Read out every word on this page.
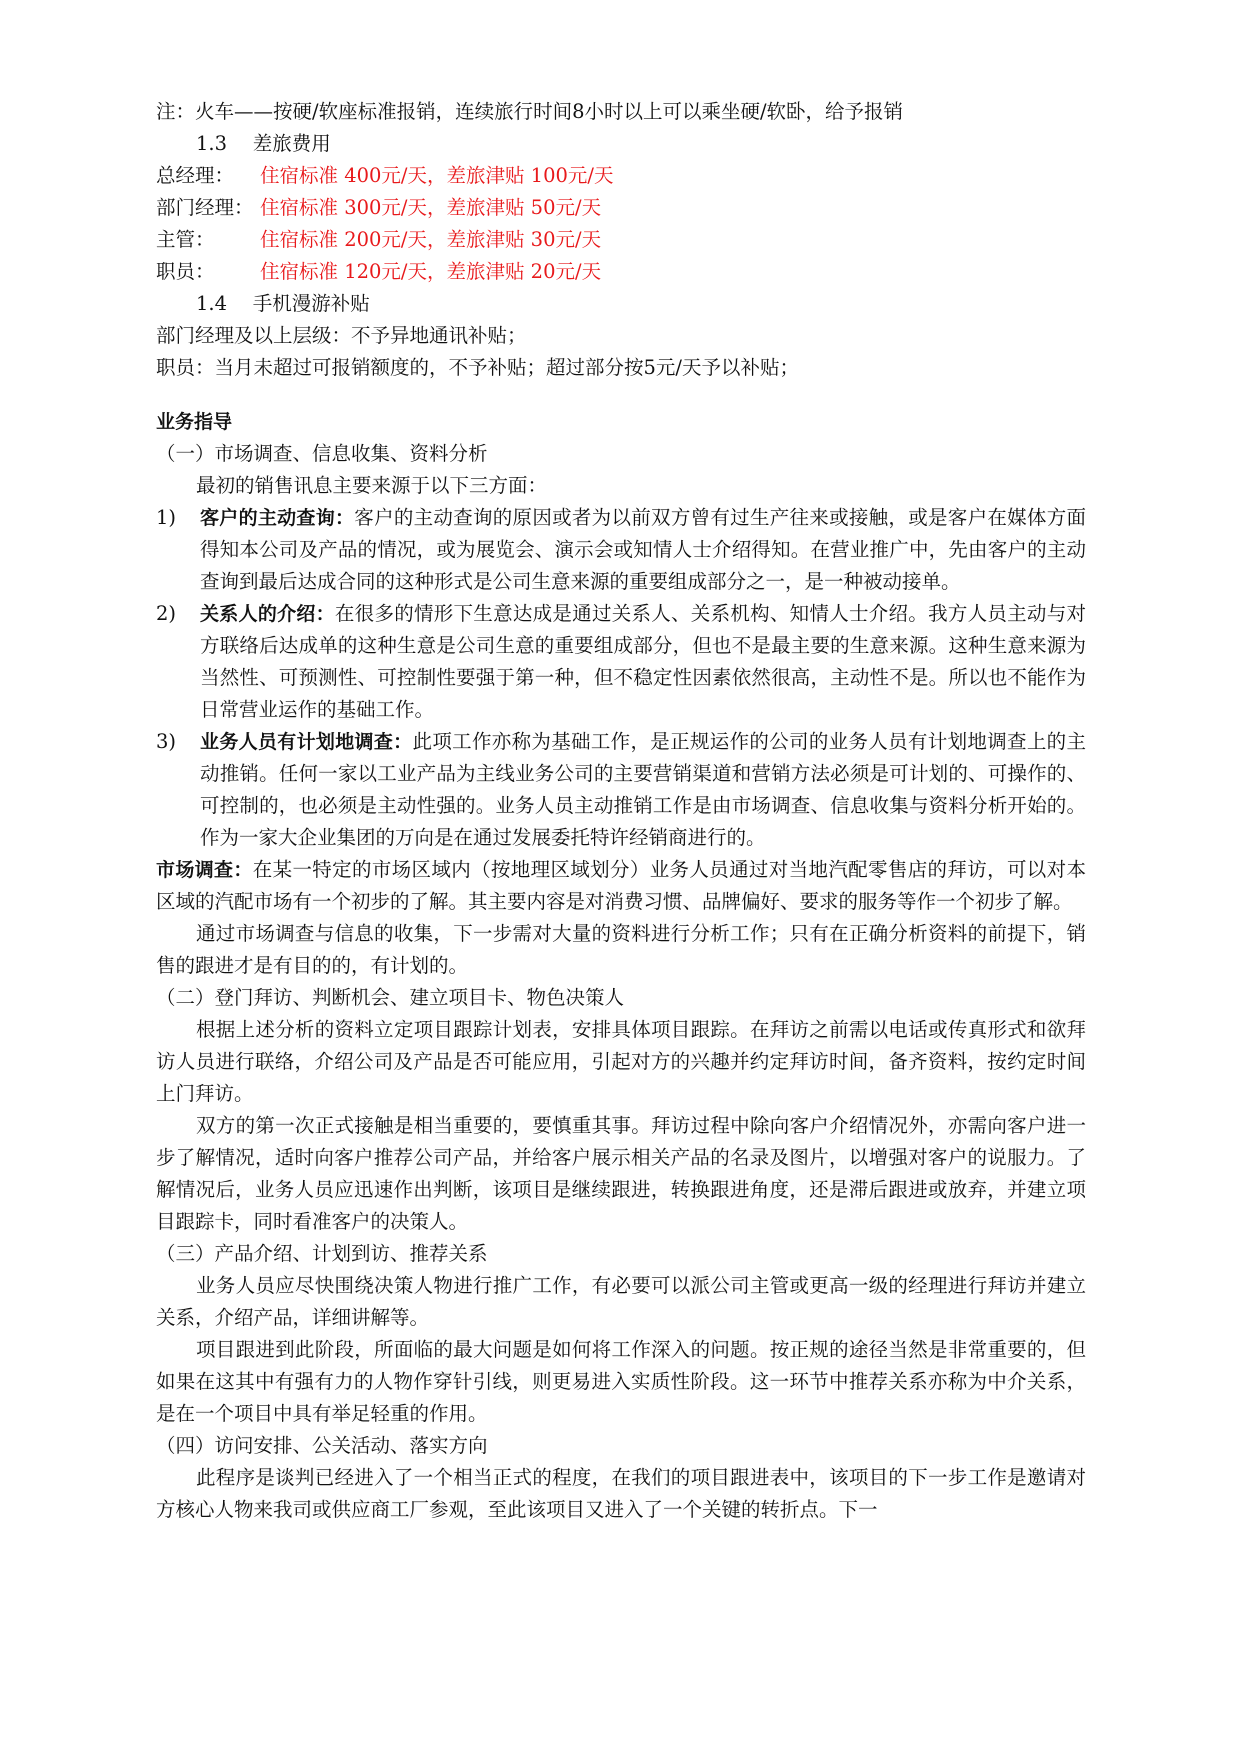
注：火车——按硬/软座标准报销，连续旅行时间8小时以上可以乘坐硬/软卧，给予报销
1.3　 差旅费用
总经理： 住宿标准 400元/天，差旅津贴 100元/天
部门经理： 住宿标准 300元/天，差旅津贴 50元/天
主管： 住宿标准 200元/天，差旅津贴 30元/天
职员： 住宿标准 120元/天，差旅津贴 20元/天
1.4　 手机漫游补贴
部门经理及以上层级：不予异地通讯补贴；
职员：当月未超过可报销额度的，不予补贴；超过部分按5元/天予以补贴；
业务指导
（一）市场调查、信息收集、资料分析
最初的销售讯息主要来源于以下三方面：
1) 客户的主动查询：客户的主动查询的原因或者为以前双方曾有过生产往来或接触，或是客户在媒体方面得知本公司及产品的情况，或为展览会、演示会或知情人士介绍得知。在营业推广中，先由客户的主动查询到最后达成合同的这种形式是公司生意来源的重要组成部分之一，是一种被动接单。
2) 关系人的介绍：在很多的情形下生意达成是通过关系人、关系机构、知情人士介绍。我方人员主动与对方联络后达成单的这种生意是公司生意的重要组成部分，但也不是最主要的生意来源。这种生意来源为当然性、可预测性、可控制性要强于第一种，但不稳定性因素依然很高，主动性不是。所以也不能作为日常营业运作的基础工作。
3) 业务人员有计划地调查：此项工作亦称为基础工作，是正规运作的公司的业务人员有计划地调查上的主动推销。任何一家以工业产品为主线业务公司的主要营销渠道和营销方法必须是可计划的、可操作的、可控制的，也必须是主动性强的。业务人员主动推销工作是由市场调查、信息收集与资料分析开始的。作为一家大企业集团的万向是在通过发展委托特许经销商进行的。
市场调查：在某一特定的市场区域内（按地理区域划分）业务人员通过对当地汽配零售店的拜访，可以对本区域的汽配市场有一个初步的了解。其主要内容是对消费习惯、品牌偏好、要求的服务等作一个初步了解。
通过市场调查与信息的收集，下一步需对大量的资料进行分析工作；只有在正确分析资料的前提下，销售的跟进才是有目的的，有计划的。
（二）登门拜访、判断机会、建立项目卡、物色决策人
根据上述分析的资料立定项目跟踪计划表，安排具体项目跟踪。在拜访之前需以电话或传真形式和欲拜访人员进行联络，介绍公司及产品是否可能应用，引起对方的兴趣并约定拜访时间，备齐资料，按约定时间上门拜访。
双方的第一次正式接触是相当重要的，要慎重其事。拜访过程中除向客户介绍情况外，亦需向客户进一步了解情况，适时向客户推荐公司产品，并给客户展示相关产品的名录及图片，以增强对客户的说服力。了解情况后，业务人员应迅速作出判断，该项目是继续跟进，转换跟进角度，还是滞后跟进或放弃，并建立项目跟踪卡，同时看准客户的决策人。
（三）产品介绍、计划到访、推荐关系
业务人员应尽快围绕决策人物进行推广工作，有必要可以派公司主管或更高一级的经理进行拜访并建立关系，介绍产品，详细讲解等。
项目跟进到此阶段，所面临的最大问题是如何将工作深入的问题。按正规的途径当然是非常重要的，但如果在这其中有强有力的人物作穿针引线，则更易进入实质性阶段。这一环节中推荐关系亦称为中介关系，是在一个项目中具有举足轻重的作用。
（四）访问安排、公关活动、落实方向
此程序是谈判已经进入了一个相当正式的程度，在我们的项目跟进表中，该项目的下一步工作是邀请对方核心人物来我司或供应商工厂参观，至此该项目又进入了一个关键的转折点。下一
